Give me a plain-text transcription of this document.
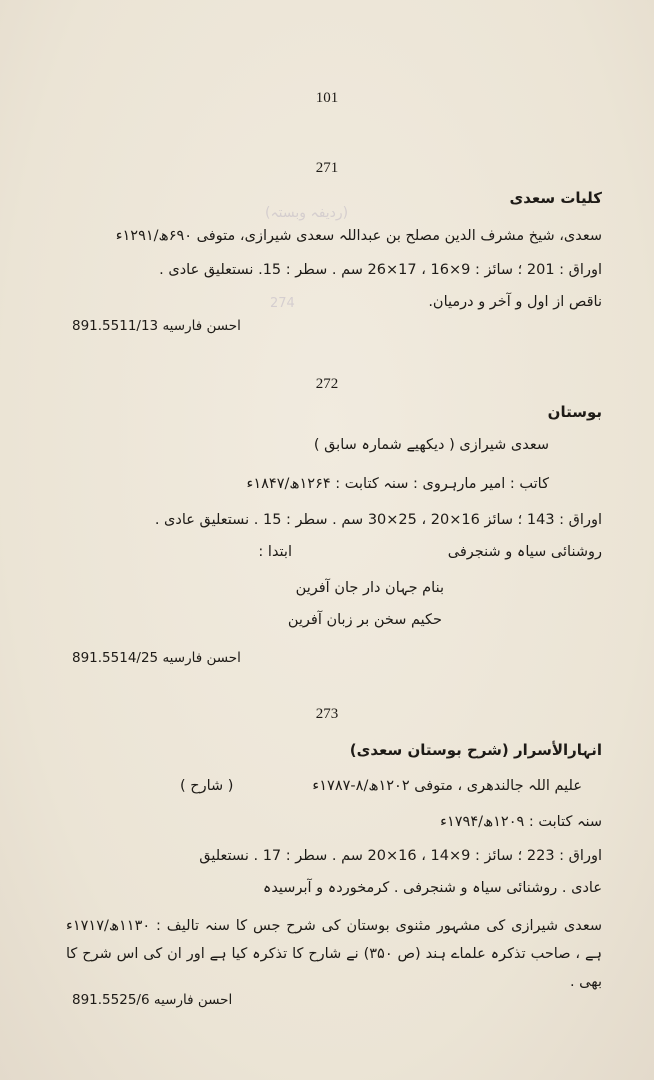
(ردیفہ وبستہ)
274
101
271
کلیات سعدی
سعدی، شیخ مشرف الدین مصلح بن عبداللہ سعدی شیرازی، متوفی ۶۹۰ھ/۱۲۹۱ء
اوراق : 201 ؛ سائز : 9×16 ، 17×26 سم . سطر : 15. نستعلیق عادی .
ناقص از اول و آخر و درمیان.
احسن فارسیه 891.5511/13
272
بوستان
سعدی شیرازی ( دیکھیے شمارہ سابق )
کاتب : امیر مارہروی : سنہ کتابت : ۱۲۶۴ھ/۱۸۴۷ء
اوراق : 143 ؛ سائز 16×20 ، 25×30 سم . سطر : 15 . نستعلیق عادی .
روشنائی سیاہ و شنجرفی
ابتدا :
بنام جہان دار جان آفرین
حکیم سخن بر زبان آفرین
احسن فارسیه 891.5514/25
273
انہارالأسرار (شرح بوستان سعدی)
علیم اللہ جالندھری ، متوفی ۱۲۰۲ھ/۸-۱۷۸۷ء
( شارح )
سنہ کتابت : ۱۲۰۹ھ/۱۷۹۴ء
اوراق : 223 ؛ سائز : 9×14 ، 16×20 سم . سطر : 17 . نستعلیق
عادی . روشنائی سیاہ و شنجرفی . کرمخوردہ و آبرسیدہ
سعدی شیرازی کی مشہور مثنوی بوستان کی شرح جس کا سنہ تالیف : ۱۱۳۰ھ/۱۷۱۷ء ہے ، صاحب تذکرہ علماے ہند (ص ۳۵۰) نے شارح کا تذکرہ کیا ہے اور ان کی اس شرح کا بھی .
احسن فارسیه 891.5525/6
